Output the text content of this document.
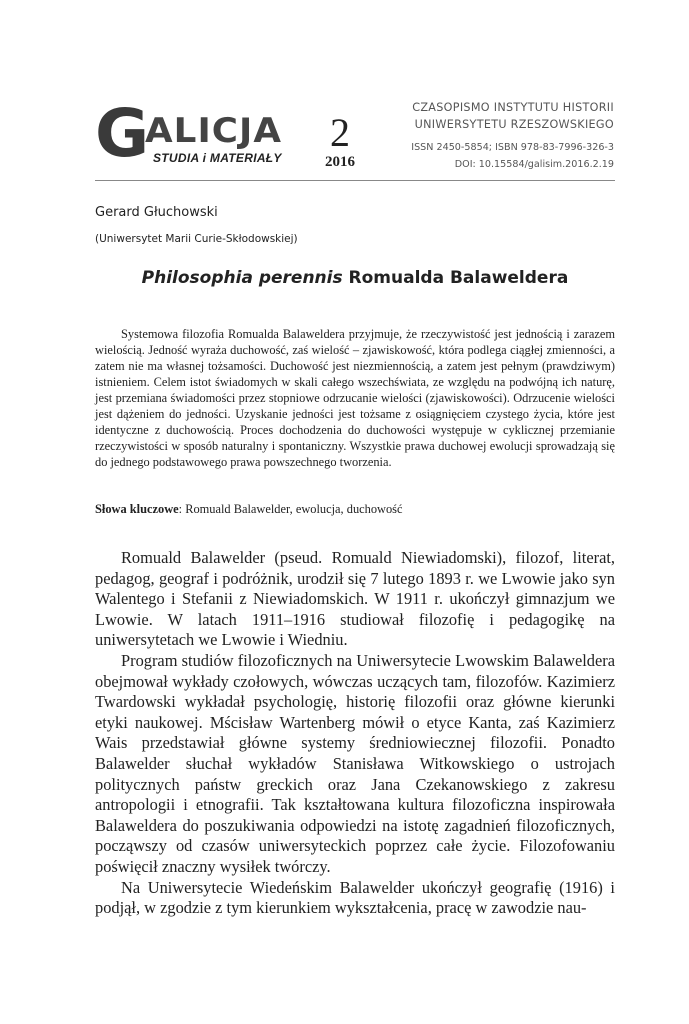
G
ALICJA
STUDIA i MATERIAŁY
2
2016
CZASOPISMO INSTYTUTU HISTORII
UNIWERSYTETU RZESZOWSKIEGO
ISSN 2450-5854; ISBN 978-83-7996-326-3
DOI: 10.15584/galisim.2016.2.19
Gerard Głuchowski
(Uniwersytet Marii Curie-Skłodowskiej)
Philosophia perennis Romualda Balaweldera

Systemowa filozofia Romualda Balaweldera przyjmuje, że rzeczywistość jest jednością i zarazem wielością. Jedność wyraża duchowość, zaś wielość – zjawiskowość, która podlega ciągłej zmienności, a zatem nie ma własnej tożsamości. Duchowość jest niezmiennością, a zatem jest pełnym (prawdziwym) istnieniem. Celem istot świadomych w skali całego wszechświata, ze względu na podwójną ich naturę, jest przemiana świadomości przez stopniowe odrzucanie wielości (zjawiskowości). Odrzucenie wielości jest dążeniem do jedności. Uzyskanie jedności jest tożsame z osiągnięciem czystego życia, które jest identyczne z duchowością. Proces dochodzenia do duchowości występuje w cyklicznej przemianie rzeczywistości w sposób naturalny i spontaniczny. Wszystkie prawa duchowej ewolucji sprowadzają się do jednego podstawowego prawa powszechnego tworzenia.

Słowa kluczowe: Romuald Balawelder, ewolucja, duchowość

Romuald Balawelder (pseud. Romuald Niewiadomski), filozof, literat, pedagog, geograf i podróżnik, urodził się 7 lutego 1893 r. we Lwowie jako syn Walentego i Stefanii z Niewiadomskich. W 1911 r. ukończył gimnazjum we Lwowie. W latach 1911–1916 studiował filozofię i pedagogikę na uniwersytetach we Lwowie i Wiedniu.

Program studiów filozoficznych na Uniwersytecie Lwowskim Balaweldera obejmował wykłady czołowych, wówczas uczących tam, filozofów. Kazimierz Twardowski wykładał psychologię, historię filozofii oraz główne kierunki etyki naukowej. Mścisław Wartenberg mówił o etyce Kanta, zaś Kazimierz Wais przedstawiał główne systemy średniowiecznej filozofii. Ponadto Balawelder słuchał wykładów Stanisława Witkowskiego o ustrojach politycznych państw greckich oraz Jana Czekanowskiego z zakresu antropologii i etnografii. Tak kształtowana kultura filozoficzna inspirowała Balaweldera do poszukiwania odpowiedzi na istotę zagadnień filozoficznych, począwszy od czasów uniwersyteckich poprzez całe życie. Filozofowaniu poświęcił znaczny wysiłek twórczy.

Na Uniwersytecie Wiedeńskim Balawelder ukończył geografię (1916) i podjął, w zgodzie z tym kierunkiem wykształcenia, pracę w zawodzie nau-
